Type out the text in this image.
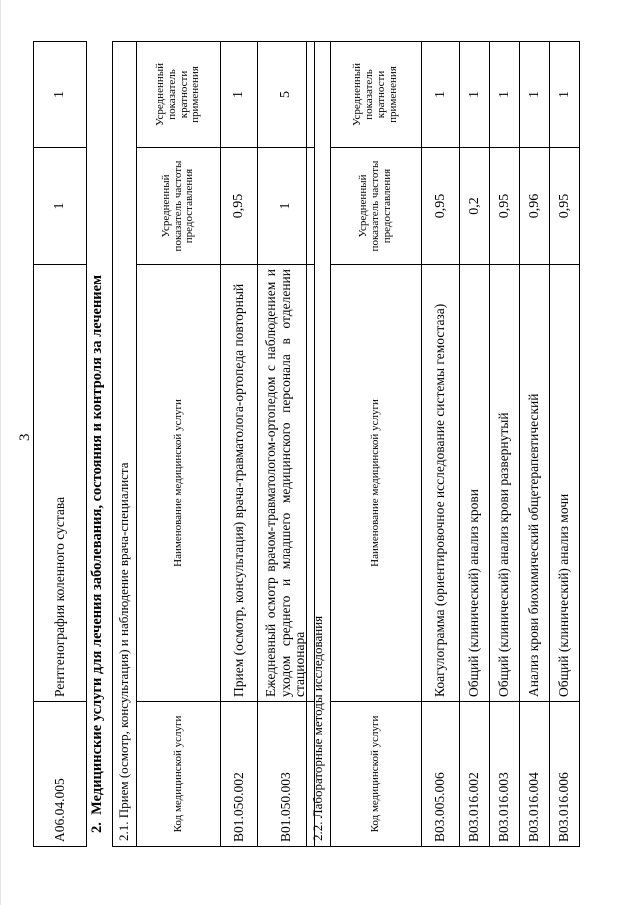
3
A06.04.005	Рентгенография коленного сустава	1	1
2.  Медицинские услуги для лечения заболевания, состояния и контроля за лечением 2.1. Прием (осмотр, консультация) и наблюдение врача-специалиста			
Код медицинской услуги	Наименование медицинской услуги	Усредненный показатель частоты предоставления	Усредненный показатель кратности применения
B01.050.002	Прием (осмотр, консультация) врача-травматолога-ортопеда повторный	0,95	1
B01.050.003	Ежедневный осмотр врачом-травматологом-ортопедом с наблюдением и уходом среднего и младшего медицинского персонала в отделении стационара	1	5
2.2. Лабораторные методы исследования			
Код медицинской услуги	Наименование медицинской услуги	Усредненный показатель частоты предоставления	Усредненный показатель кратности применения
B03.005.006	Коагулограмма (ориентировочное исследование системы гемостаза)	0,95	1
B03.016.002	Общий (клинический) анализ крови	0,2	1
B03.016.003	Общий (клинический) анализ крови развернутый	0,95	1
B03.016.004	Анализ крови биохимический общетерапевтический	0,96	1
B03.016.006	Общий (клинический) анализ мочи	0,95	1
